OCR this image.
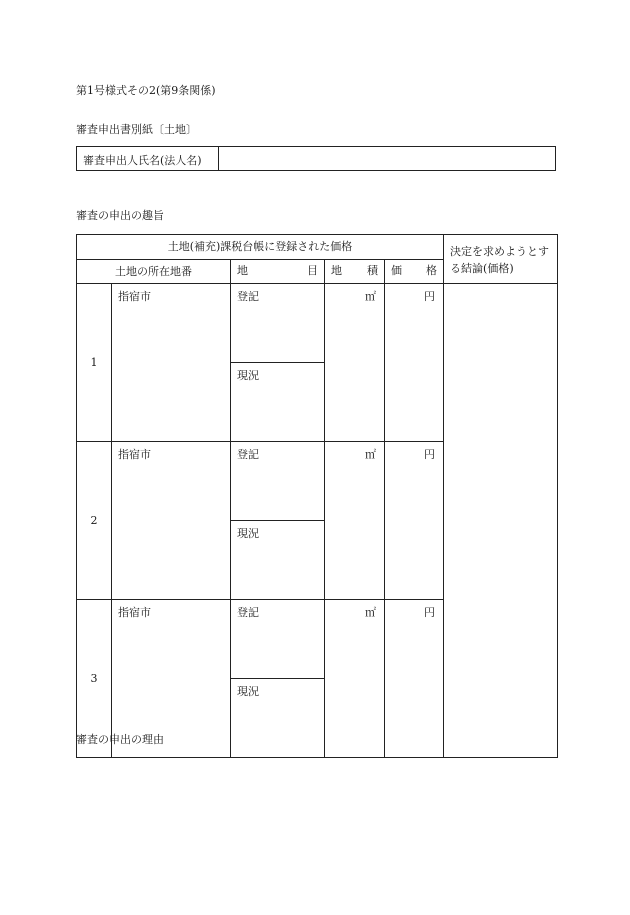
第1号様式その2(第9条関係)
審査申出書別紙〔土地〕
審査申出人氏名(法人名)
審査の申出の趣旨
土地(補充)課税台帳に登録された価格					決定を求めようとする結論(価格)
土地の所在地番		地 目	地 積	価 格	

1	指宿市	登記	㎡	円	
		現況			
2	指宿市	登記	㎡	円	
		現況			
3	指宿市	登記	㎡	円	
		現況			
審査の申出の理由
